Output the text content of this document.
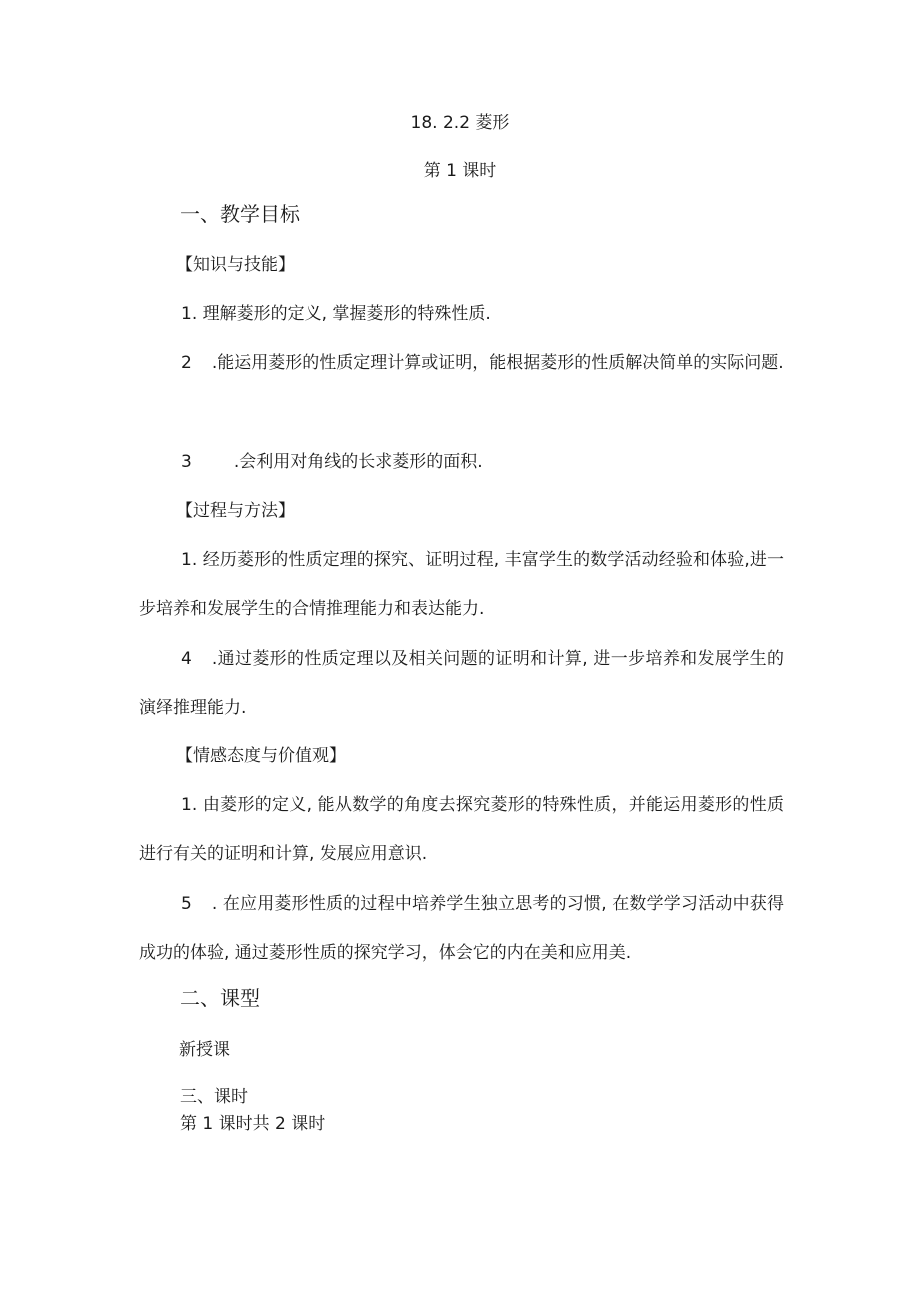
18. 2.2 菱形

第 1 课时

一、教学目标

【知识与技能】

1. 理解菱形的定义, 掌握菱形的特殊性质.

2 .能运用菱形的性质定理计算或证明，能根据菱形的性质解决简单的实际问题.

3 .会利用对角线的长求菱形的面积.

【过程与方法】

1. 经历菱形的性质定理的探究、证明过程, 丰富学生的数学活动经验和体验,进一步培养和发展学生的合情推理能力和表达能力.

4 .通过菱形的性质定理以及相关问题的证明和计算, 进一步培养和发展学生的演绎推理能力.

【情感态度与价值观】

1. 由菱形的定义, 能从数学的角度去探究菱形的特殊性质，并能运用菱形的性质进行有关的证明和计算, 发展应用意识.

5 . 在应用菱形性质的过程中培养学生独立思考的习惯, 在数学学习活动中获得成功的体验, 通过菱形性质的探究学习，体会它的内在美和应用美.

二、课型

新授课

三、课时

第 1 课时共 2 课时
